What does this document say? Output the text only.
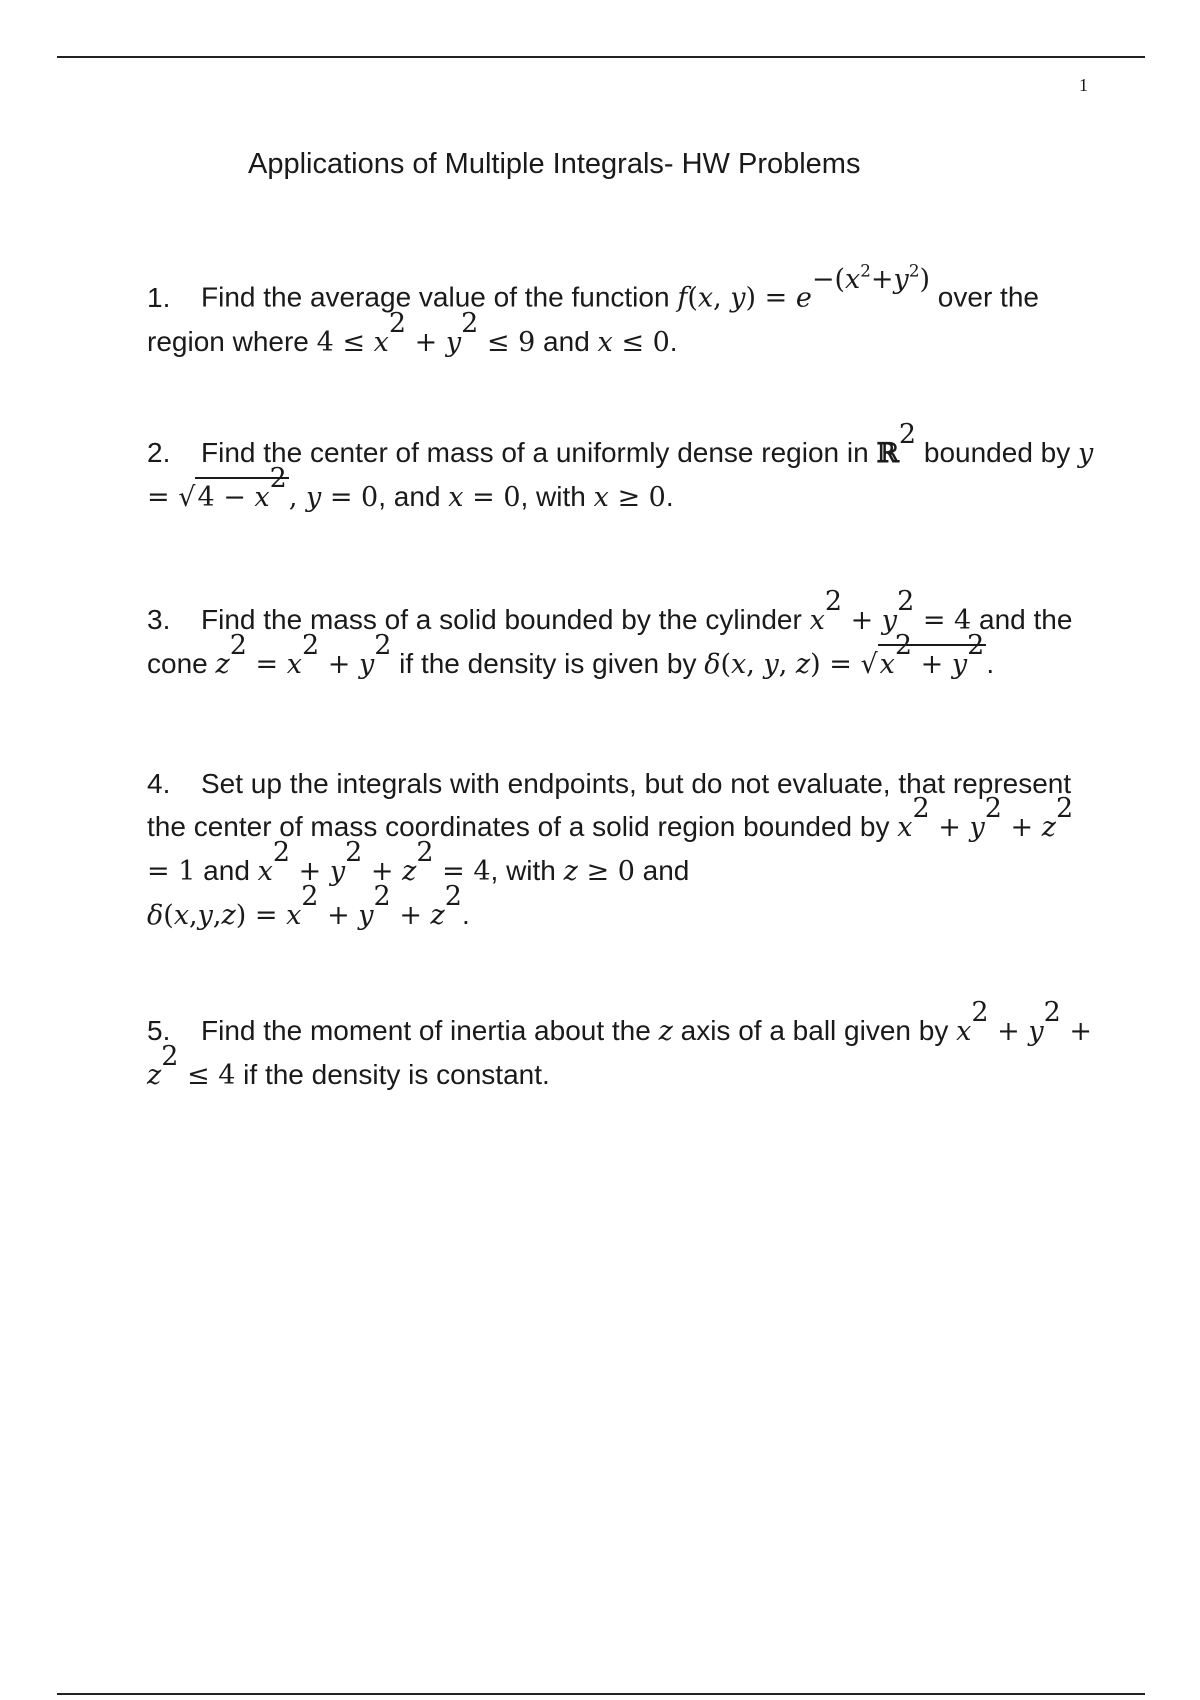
1
Applications of Multiple Integrals- HW Problems
1. Find the average value of the function f(x, $y) = e^{-(x^2+y^2)}$ over the region where $4 \le x^2 + y^2 \le 9$ and x ≤ 0.
2. Find the center of mass of a uniformly dense region in ℝ$^2$ bounded by $y = √4 - x^2$, y = 0, and x = 0, with x ≥ 0.
3. Find the mass of a solid bounded by the cylinder $x^2 + y^2 = 4$ and the cone $z^2 = x^2 + y^2$ if the density is given by δ(x, y, $z) = √x^2 + y^2$.
4. Set up the integrals with endpoints, but do not evaluate, that represent the center of mass coordinates of a solid region bounded by $x^2 + y^2 + z^2 = 1$ and $x^2 + y^2 + z^2 = 4$, with z ≥ 0 and
$\delta(x,y,z) = x^2 + y^2 + z^2$.
5. Find the moment of inertia about the z axis of a ball given by $x^2 + y^2 + z^2 \le 4$ if the density is constant.
